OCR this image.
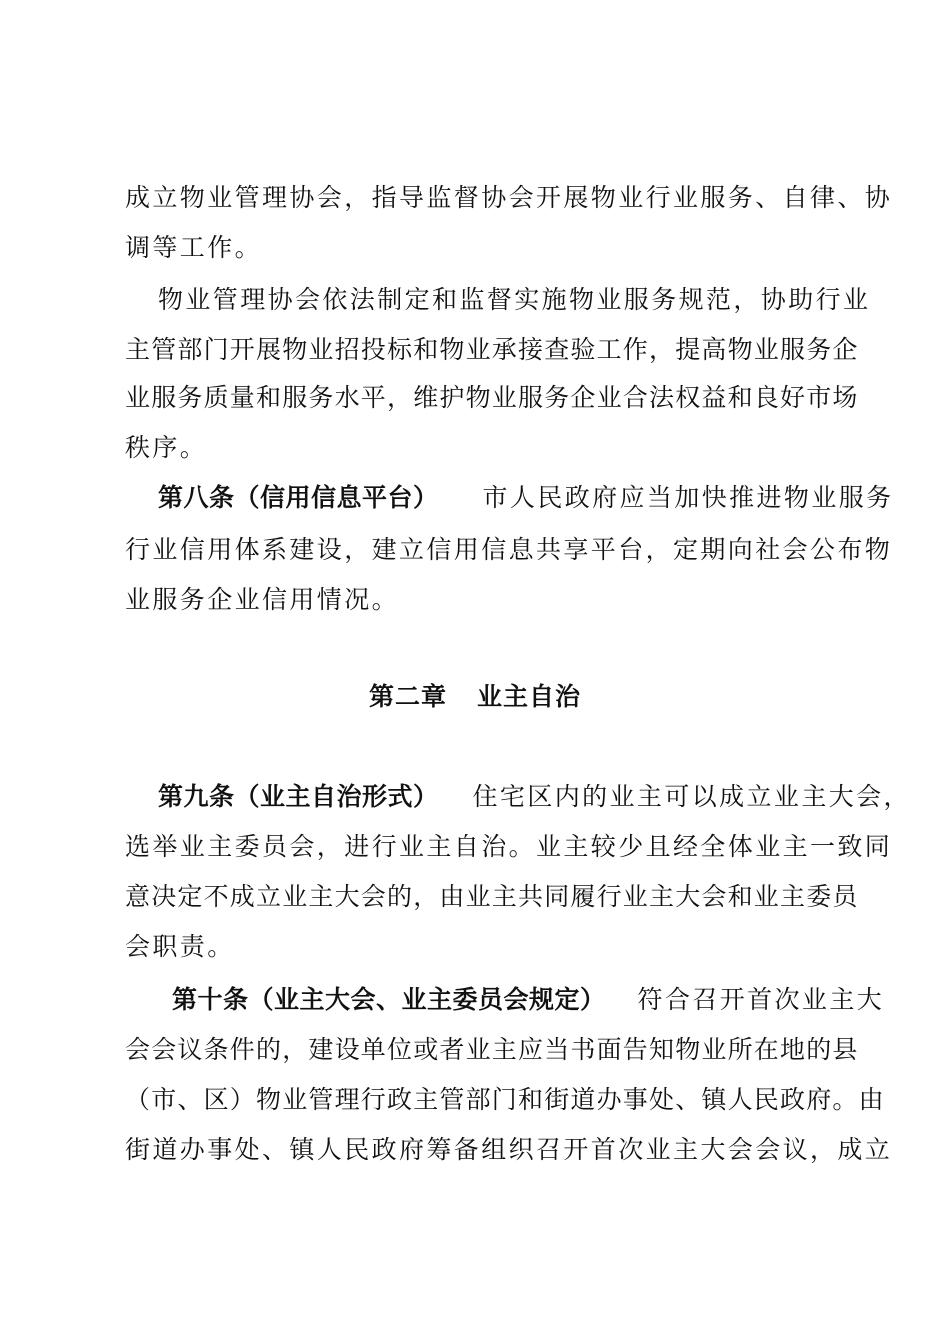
成立物业管理协会，指导监督协会开展物业行业服务、自律、协
调等工作。
物业管理协会依法制定和监督实施物业服务规范，协助行业
主管部门开展物业招投标和物业承接查验工作，提高物业服务企
业服务质量和服务水平，维护物业服务企业合法权益和良好市场
秩序。
第八条（信用信息平台） 市人民政府应当加快推进物业服务
行业信用体系建设，建立信用信息共享平台，定期向社会公布物
业服务企业信用情况。
第二章 业主自治
第九条（业主自治形式） 住宅区内的业主可以成立业主大会，
选举业主委员会，进行业主自治。业主较少且经全体业主一致同
意决定不成立业主大会的，由业主共同履行业主大会和业主委员
会职责。
第十条（业主大会、业主委员会规定） 符合召开首次业主大
会会议条件的，建设单位或者业主应当书面告知物业所在地的县
（市、区）物业管理行政主管部门和街道办事处、镇人民政府。由
街道办事处、镇人民政府筹备组织召开首次业主大会会议，成立
